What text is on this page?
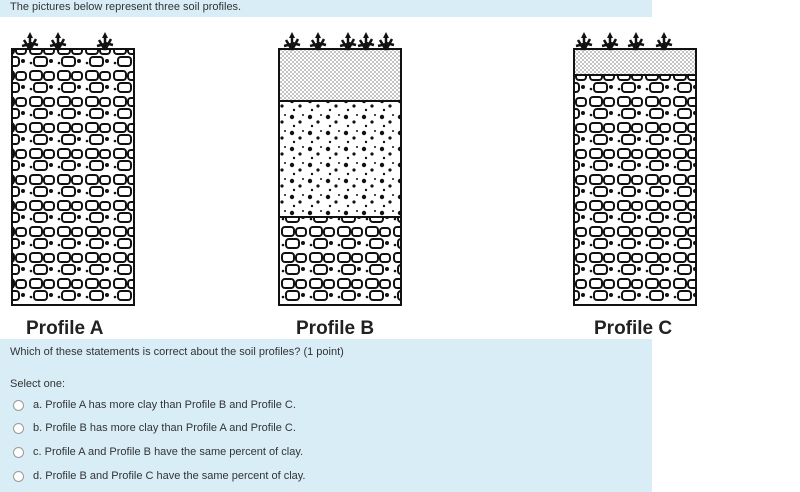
The pictures below represent three soil profiles.
Profile A	Profile B	Profile C
Which of these statements is correct about the soil profiles? (1 point)
Select one:
a. Profile A has more clay than Profile B and Profile C.
b. Profile B has more clay than Profile A and Profile C.
c. Profile A and Profile B have the same percent of clay.
d. Profile B and Profile C have the same percent of clay.
